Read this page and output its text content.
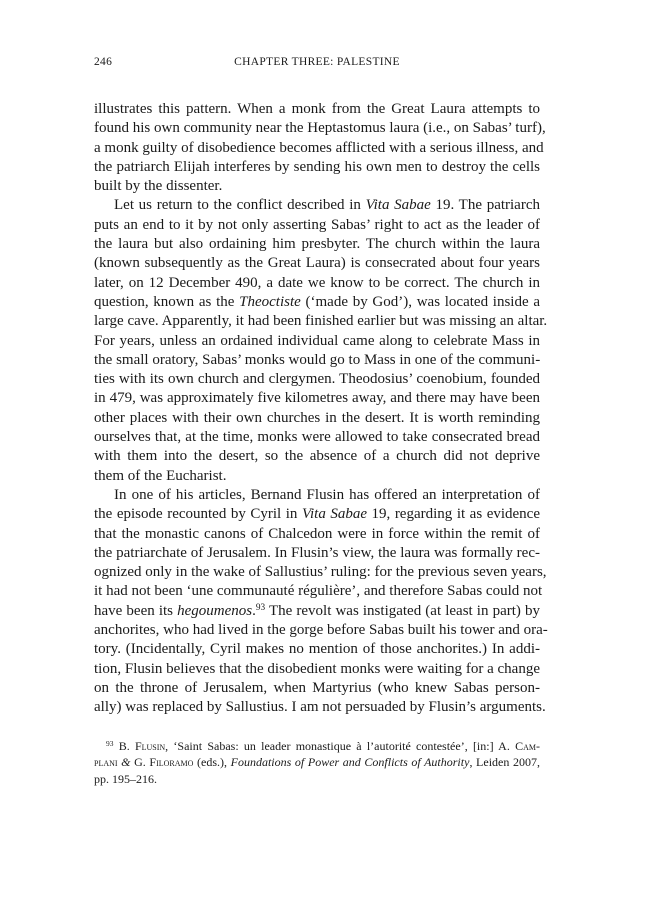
246	CHAPTER THREE: PALESTINE
illustrates this pattern. When a monk from the Great Laura attempts to
found his own community near the Heptastomus laura (i.e., on Sabas’ turf),
a monk guilty of disobedience becomes afflicted with a serious illness, and
the patriarch Elijah interferes by sending his own men to destroy the cells
built by the dissenter.
Let us return to the conflict described in Vita Sabae 19. The patriarch
puts an end to it by not only asserting Sabas’ right to act as the leader of
the laura but also ordaining him presbyter. The church within the laura
(known subsequently as the Great Laura) is consecrated about four years
later, on 12 December 490, a date we know to be correct. The church in
question, known as the Theoctiste (‘made by God’), was located inside a
large cave. Apparently, it had been finished earlier but was missing an altar.
For years, unless an ordained individual came along to celebrate Mass in
the small oratory, Sabas’ monks would go to Mass in one of the communi-
ties with its own church and clergymen. Theodosius’ coenobium, founded
in 479, was approximately five kilometres away, and there may have been
other places with their own churches in the desert. It is worth reminding
ourselves that, at the time, monks were allowed to take consecrated bread
with them into the desert, so the absence of a church did not deprive
them of the Eucharist.
In one of his articles, Bernand Flusin has offered an interpretation of
the episode recounted by Cyril in Vita Sabae 19, regarding it as evidence
that the monastic canons of Chalcedon were in force within the remit of
the patriarchate of Jerusalem. In Flusin’s view, the laura was formally rec-
ognized only in the wake of Sallustius’ ruling: for the previous seven years,
it had not been ‘une communauté régulière’, and therefore Sabas could not
have been its hegoumenos.$^{93}$ The revolt was instigated (at least in part) by
anchorites, who had lived in the gorge before Sabas built his tower and ora-
tory. (Incidentally, Cyril makes no mention of those anchorites.) In addi-
tion, Flusin believes that the disobedient monks were waiting for a change
on the throne of Jerusalem, when Martyrius (who knew Sabas person-
ally) was replaced by Sallustius. I am not persuaded by Flusin’s arguments.
$^{93}$ B. Flusin, ‘Saint Sabas: un leader monastique à l’autorité contestée’, [in:] A. Cam-
plani & G. Filoramo (eds.), Foundations of Power and Conflicts of Authority, Leiden 2007,
pp. 195–216.
